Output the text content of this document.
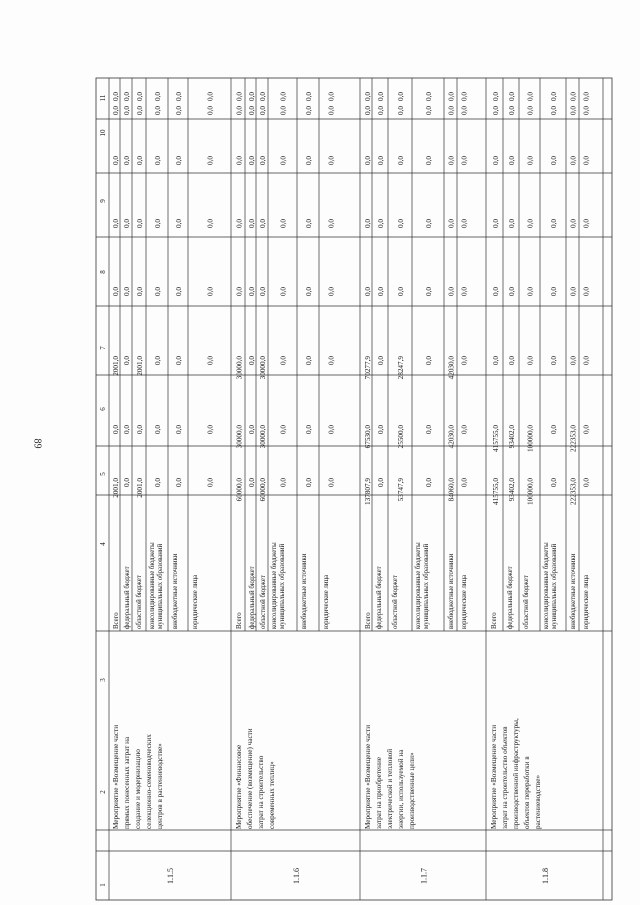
89
1
2
3
4
5
6
7
8
9
10
11
1.1.5
Мероприятие «Возмещение части прямых понесенных затрат на создание и модернизацию селекционно-семеноводческих центров в растениеводстве»
Всего
2001,0
0,0
2001,0
0,0
0,0
0,0
0,0
0,0
федеральный бюджет
0,0
0,0
0,0
0,0
0,0
0,0
0,0
0,0
областной бюджет
2001,0
0,0
2001,0
0,0
0,0
0,0
0,0
0,0
консолидированные бюджеты муниципальных образований
0,0
0,0
0,0
0,0
0,0
0,0
0,0
0,0
внебюджетные источники
0,0
0,0
0,0
0,0
0,0
0,0
0,0
0,0
юридические лица
0,0
0,0
0,0
0,0
0,0
0,0
0,0
0,0
1.1.6
Мероприятие «Финансовое обеспечение (возмещение) части затрат на строительство современных теплиц»
Всего
60000,0
30000,0
30000,0
0,0
0,0
0,0
0,0
0,0
федеральный бюджет
0,0
0,0
0,0
0,0
0,0
0,0
0,0
0,0
областной бюджет
60000,0
30000,0
30000,0
0,0
0,0
0,0
0,0
0,0
консолидированные бюджеты муниципальных образований
0,0
0,0
0,0
0,0
0,0
0,0
0,0
0,0
внебюджетные источники
0,0
0,0
0,0
0,0
0,0
0,0
0,0
0,0
юридические лица
0,0
0,0
0,0
0,0
0,0
0,0
0,0
0,0
1.1.7
Мероприятие «Возмещение части затрат на приобретение электрической и тепловой энергии, используемой на производственные цели»
Всего
137807,9
67530,0
70277,9
0,0
0,0
0,0
0,0
0,0
федеральный бюджет
0,0
0,0
0,0
0,0
0,0
0,0
0,0
0,0
областной бюджет
53747,9
25500,0
28247,9
0,0
0,0
0,0
0,0
0,0
консолидированные бюджеты муниципальных образований
0,0
0,0
0,0
0,0
0,0
0,0
0,0
0,0
внебюджетные источники
84060,0
42030,0
42030,0
0,0
0,0
0,0
0,0
0,0
юридические лица
0,0
0,0
0,0
0,0
0,0
0,0
0,0
0,0
1.1.8
Мероприятие «Возмещение части затрат на строительство объектов производственной инфраструктуры, объектов переработки в растениеводстве»
Всего
415755,0
415755,0
0,0
0,0
0,0
0,0
0,0
0,0
федеральный бюджет
93402,0
93402,0
0,0
0,0
0,0
0,0
0,0
0,0
областной бюджет
100000,0
100000,0
0,0
0,0
0,0
0,0
0,0
0,0
консолидированные бюджеты муниципальных образований
0,0
0,0
0,0
0,0
0,0
0,0
0,0
0,0
внебюджетные источники
222353,0
222353,0
0,0
0,0
0,0
0,0
0,0
0,0
юридические лица
0,0
0,0
0,0
0,0
0,0
0,0
0,0
0,0
